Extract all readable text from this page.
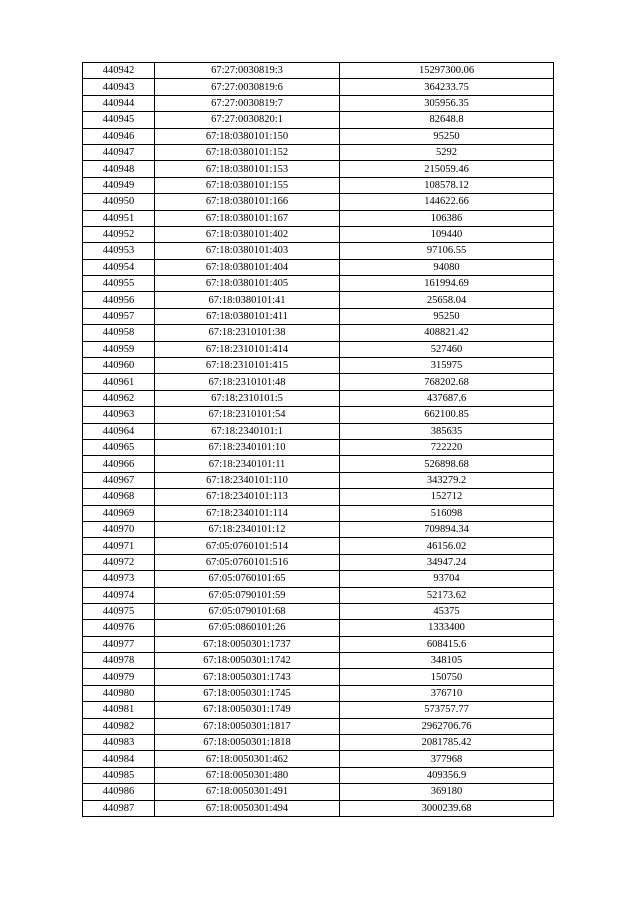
440942	67:27:0030819:3	15297300.06
440943	67:27:0030819:6	364233.75
440944	67:27:0030819:7	305956.35
440945	67:27:0030820:1	82648.8
440946	67:18:0380101:150	95250
440947	67:18:0380101:152	5292
440948	67:18:0380101:153	215059.46
440949	67:18:0380101:155	108578.12
440950	67:18:0380101:166	144622.66
440951	67:18:0380101:167	106386
440952	67:18:0380101:402	109440
440953	67:18:0380101:403	97106.55
440954	67:18:0380101:404	94080
440955	67:18:0380101:405	161994.69
440956	67:18:0380101:41	25658.04
440957	67:18:0380101:411	95250
440958	67:18:2310101:38	408821.42
440959	67:18:2310101:414	527460
440960	67:18:2310101:415	315975
440961	67:18:2310101:48	768202.68
440962	67:18:2310101:5	437687.6
440963	67:18:2310101:54	662100.85
440964	67:18:2340101:1	385635
440965	67:18:2340101:10	722220
440966	67:18:2340101:11	526898.68
440967	67:18:2340101:110	343279.2
440968	67:18:2340101:113	152712
440969	67:18:2340101:114	516098
440970	67:18:2340101:12	709894.34
440971	67:05:0760101:514	46156.02
440972	67:05:0760101:516	34947.24
440973	67:05:0760101:65	93704
440974	67:05:0790101:59	52173.62
440975	67:05:0790101:68	45375
440976	67:05:0860101:26	1333400
440977	67:18:0050301:1737	608415.6
440978	67:18:0050301:1742	348105
440979	67:18:0050301:1743	150750
440980	67:18:0050301:1745	376710
440981	67:18:0050301:1749	573757.77
440982	67:18:0050301:1817	2962706.76
440983	67:18:0050301:1818	2081785.42
440984	67:18:0050301:462	377968
440985	67:18:0050301:480	409356.9
440986	67:18:0050301:491	369180
440987	67:18:0050301:494	3000239.68
